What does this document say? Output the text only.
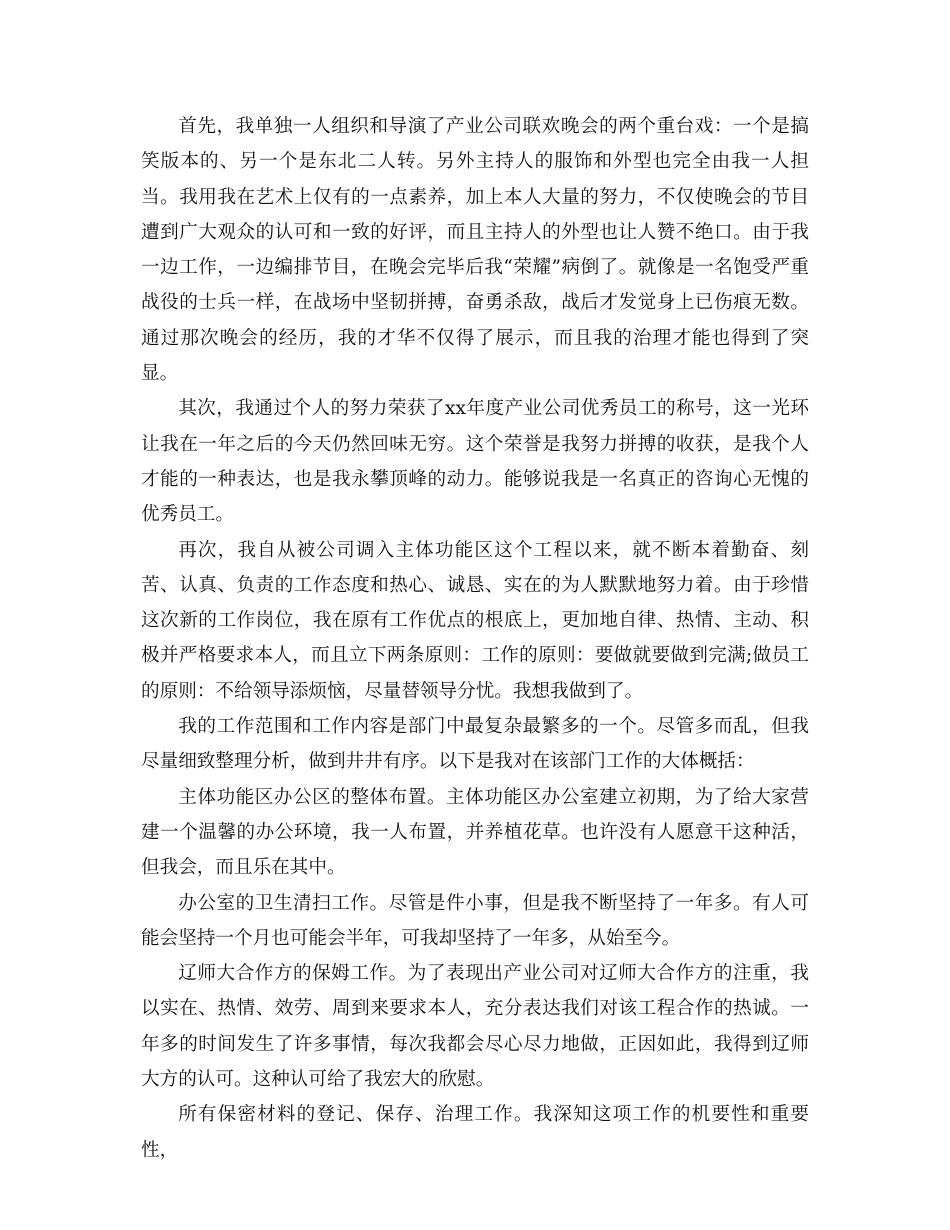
首先，我单独一人组织和导演了产业公司联欢晚会的两个重台戏：一个是搞笑版本的、另一个是东北二人转。另外主持人的服饰和外型也完全由我一人担当。我用我在艺术上仅有的一点素养，加上本人大量的努力，不仅使晚会的节目遭到广大观众的认可和一致的好评，而且主持人的外型也让人赞不绝口。由于我一边工作，一边编排节目，在晚会完毕后我“荣耀”病倒了。就像是一名饱受严重战役的士兵一样，在战场中坚韧拼搏，奋勇杀敌，战后才发觉身上已伤痕无数。通过那次晚会的经历，我的才华不仅得了展示，而且我的治理才能也得到了突显。

其次，我通过个人的努力荣获了xx年度产业公司优秀员工的称号，这一光环让我在一年之后的今天仍然回味无穷。这个荣誉是我努力拼搏的收获，是我个人才能的一种表达，也是我永攀顶峰的动力。能够说我是一名真正的咨询心无愧的优秀员工。

再次，我自从被公司调入主体功能区这个工程以来，就不断本着勤奋、刻苦、认真、负责的工作态度和热心、诚恳、实在的为人默默地努力着。由于珍惜这次新的工作岗位，我在原有工作优点的根底上，更加地自律、热情、主动、积极并严格要求本人，而且立下两条原则：工作的原则：要做就要做到完满;做员工的原则：不给领导添烦恼，尽量替领导分忧。我想我做到了。

我的工作范围和工作内容是部门中最复杂最繁多的一个。尽管多而乱，但我尽量细致整理分析，做到井井有序。以下是我对在该部门工作的大体概括：

主体功能区办公区的整体布置。主体功能区办公室建立初期，为了给大家营建一个温馨的办公环境，我一人布置，并养植花草。也许没有人愿意干这种活，但我会，而且乐在其中。

办公室的卫生清扫工作。尽管是件小事，但是我不断坚持了一年多。有人可能会坚持一个月也可能会半年，可我却坚持了一年多，从始至今。

辽师大合作方的保姆工作。为了表现出产业公司对辽师大合作方的注重，我以实在、热情、效劳、周到来要求本人，充分表达我们对该工程合作的热诚。一年多的时间发生了许多事情，每次我都会尽心尽力地做，正因如此，我得到辽师大方的认可。这种认可给了我宏大的欣慰。

所有保密材料的登记、保存、治理工作。我深知这项工作的机要性和重要性，
